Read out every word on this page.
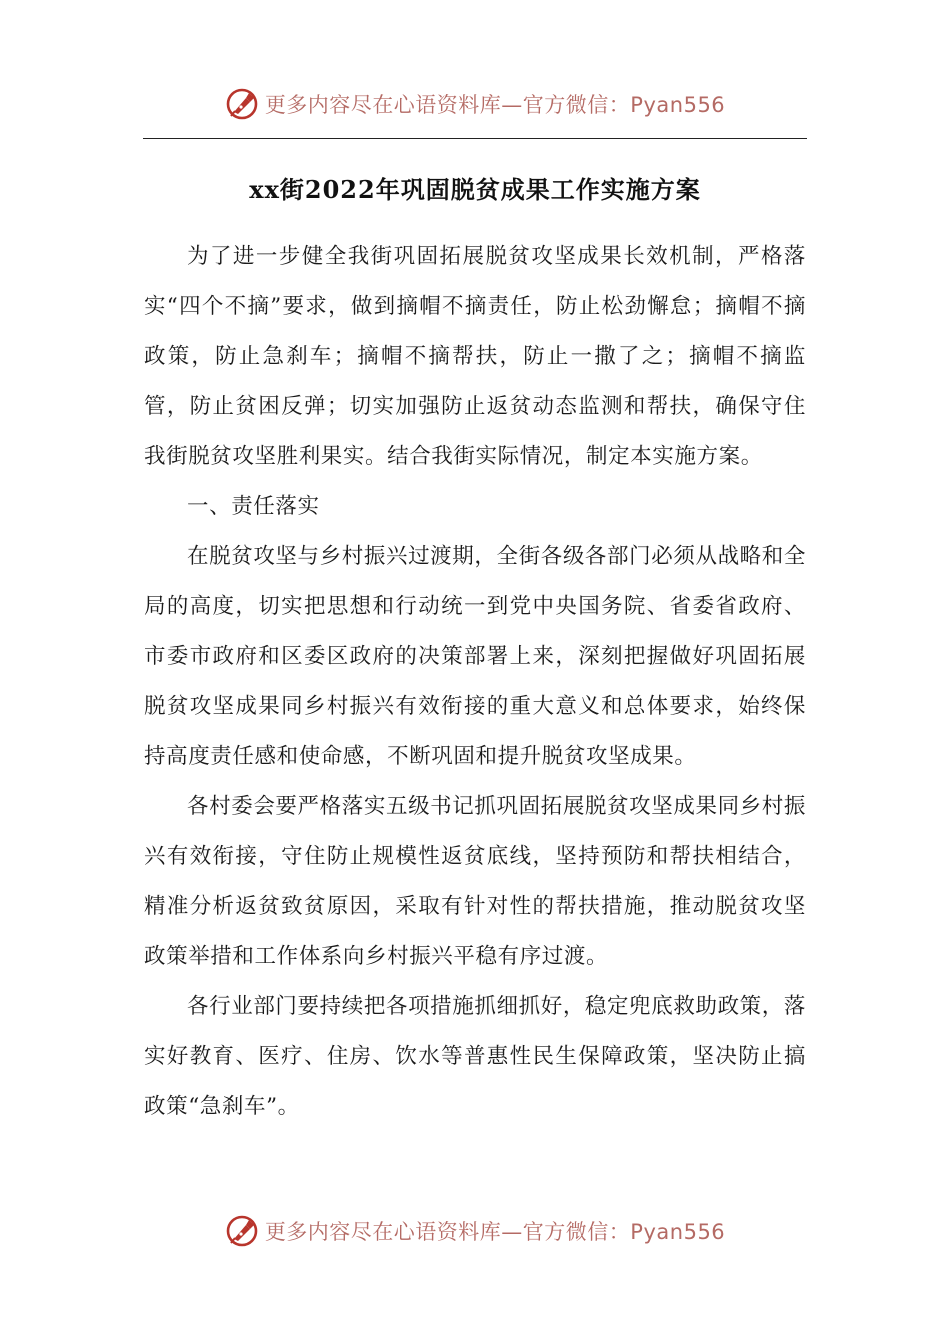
更多内容尽在心语资料库—官方微信：Pyan556
xx街2022年巩固脱贫成果工作实施方案

为了进一步健全我街巩固拓展脱贫攻坚成果长效机制，严格落实“四个不摘”要求，做到摘帽不摘责任，防止松劲懈怠；摘帽不摘政策，防止急刹车；摘帽不摘帮扶，防止一撒了之；摘帽不摘监管，防止贫困反弹；切实加强防止返贫动态监测和帮扶，确保守住我街脱贫攻坚胜利果实。结合我街实际情况，制定本实施方案。

一、责任落实

在脱贫攻坚与乡村振兴过渡期，全街各级各部门必须从战略和全局的高度，切实把思想和行动统一到党中央国务院、省委省政府、市委市政府和区委区政府的决策部署上来，深刻把握做好巩固拓展脱贫攻坚成果同乡村振兴有效衔接的重大意义和总体要求，始终保持高度责任感和使命感，不断巩固和提升脱贫攻坚成果。

各村委会要严格落实五级书记抓巩固拓展脱贫攻坚成果同乡村振兴有效衔接，守住防止规模性返贫底线，坚持预防和帮扶相结合，精准分析返贫致贫原因，采取有针对性的帮扶措施，推动脱贫攻坚政策举措和工作体系向乡村振兴平稳有序过渡。

各行业部门要持续把各项措施抓细抓好，稳定兜底救助政策，落实好教育、医疗、住房、饮水等普惠性民生保障政策，坚决防止搞政策“急刹车”。

更多内容尽在心语资料库—官方微信：Pyan556
